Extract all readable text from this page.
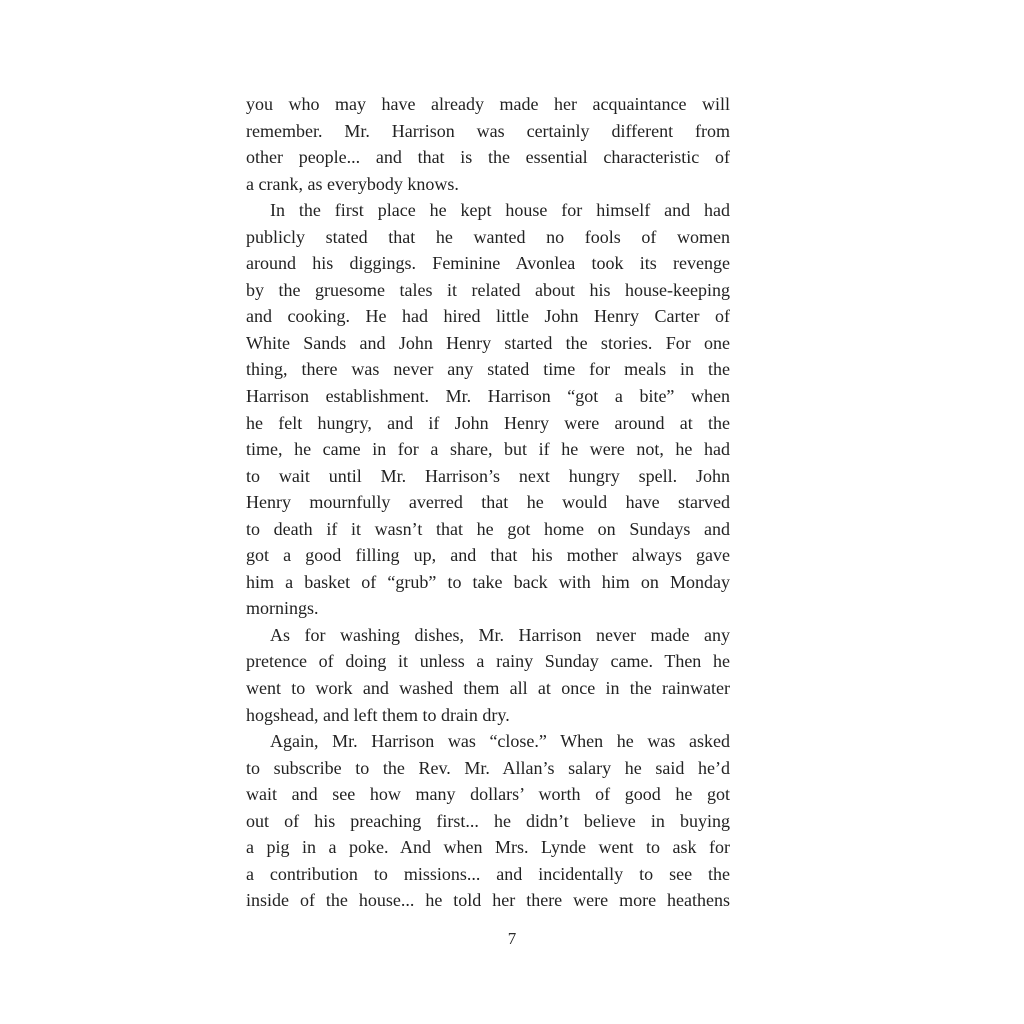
you who may have already made her acquaintance will
remember. Mr. Harrison was certainly different from
other people... and that is the essential characteristic of
a crank, as everybody knows.
In the first place he kept house for himself and had
publicly stated that he wanted no fools of women
around his diggings. Feminine Avonlea took its revenge
by the gruesome tales it related about his house-keeping
and cooking. He had hired little John Henry Carter of
White Sands and John Henry started the stories. For one
thing, there was never any stated time for meals in the
Harrison establishment. Mr. Harrison “got a bite” when
he felt hungry, and if John Henry were around at the
time, he came in for a share, but if he were not, he had
to wait until Mr. Harrison’s next hungry spell. John
Henry mournfully averred that he would have starved
to death if it wasn’t that he got home on Sundays and
got a good filling up, and that his mother always gave
him a basket of “grub” to take back with him on Monday
mornings.
As for washing dishes, Mr. Harrison never made any
pretence of doing it unless a rainy Sunday came. Then he
went to work and washed them all at once in the rainwater
hogshead, and left them to drain dry.
Again, Mr. Harrison was “close.” When he was asked
to subscribe to the Rev. Mr. Allan’s salary he said he’d
wait and see how many dollars’ worth of good he got
out of his preaching first... he didn’t believe in buying
a pig in a poke. And when Mrs. Lynde went to ask for
a contribution to missions... and incidentally to see the
inside of the house... he told her there were more heathens
7
